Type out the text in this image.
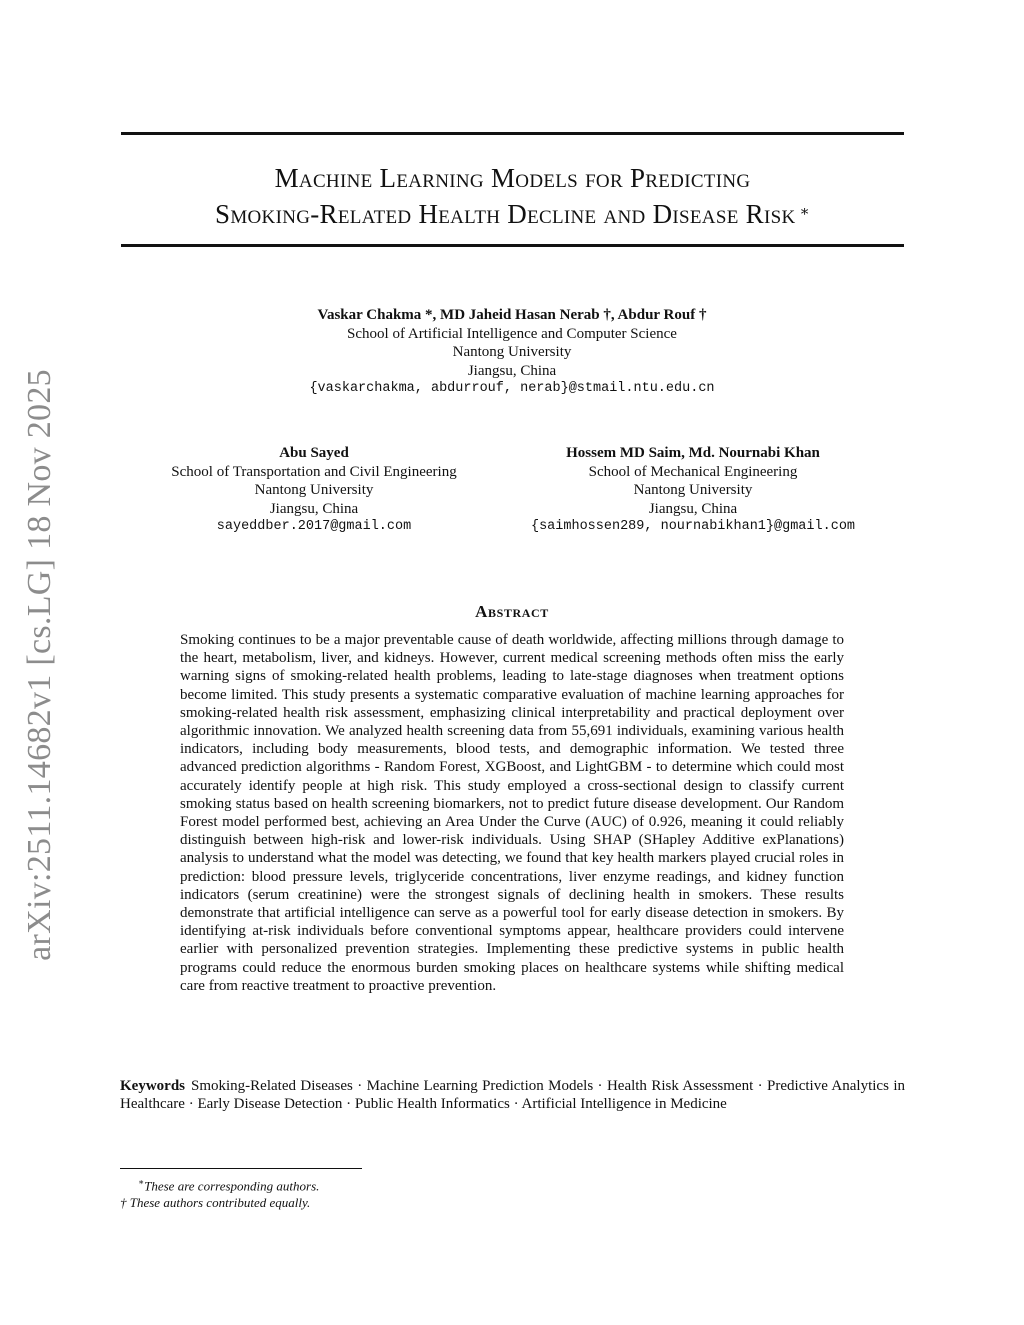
arXiv:2511.14682v1 [cs.LG] 18 Nov 2025
Machine Learning Models for Predicting
Smoking-Related Health Decline and Disease Risk ∗
Vaskar Chakma *, MD Jaheid Hasan Nerab †, Abdur Rouf †
School of Artificial Intelligence and Computer Science
Nantong University
Jiangsu, China
{vaskarchakma, abdurrouf, nerab}@stmail.ntu.edu.cn
Abu Sayed
School of Transportation and Civil Engineering
Nantong University
Jiangsu, China
sayeddber.2017@gmail.com
Hossem MD Saim, Md. Nournabi Khan
School of Mechanical Engineering
Nantong University
Jiangsu, China
{saimhossen289, nournabikhan1}@gmail.com
Abstract
Smoking continues to be a major preventable cause of death worldwide, affecting millions through damage to the heart, metabolism, liver, and kidneys. However, current medical screening methods often miss the early warning signs of smoking-related health problems, leading to late-stage diagnoses when treatment options become limited. This study presents a systematic comparative evaluation of machine learning approaches for smoking-related health risk assessment, emphasizing clinical interpretability and practical deployment over algorithmic innovation. We analyzed health screening data from 55,691 individuals, examining various health indicators, including body measurements, blood tests, and demographic information. We tested three advanced prediction algorithms - Random Forest, XGBoost, and LightGBM - to determine which could most accurately identify people at high risk. This study employed a cross-sectional design to classify current smoking status based on health screening biomarkers, not to predict future disease development. Our Random Forest model performed best, achieving an Area Under the Curve (AUC) of 0.926, meaning it could reliably distinguish between high-risk and lower-risk individuals. Using SHAP (SHapley Additive exPlanations) analysis to understand what the model was detecting, we found that key health markers played crucial roles in prediction: blood pressure levels, triglyceride concentrations, liver enzyme readings, and kidney function indicators (serum creatinine) were the strongest signals of declining health in smokers. These results demonstrate that artificial intelligence can serve as a powerful tool for early disease detection in smokers. By identifying at-risk individuals before conventional symptoms appear, healthcare providers could intervene earlier with personalized prevention strategies. Implementing these predictive systems in public health programs could reduce the enormous burden smoking places on healthcare systems while shifting medical care from reactive treatment to proactive prevention.
Keywords Smoking-Related Diseases · Machine Learning Prediction Models · Health Risk Assessment · Predictive Analytics in Healthcare · Early Disease Detection · Public Health Informatics · Artificial Intelligence in Medicine
∗These are corresponding authors.
† These authors contributed equally.
